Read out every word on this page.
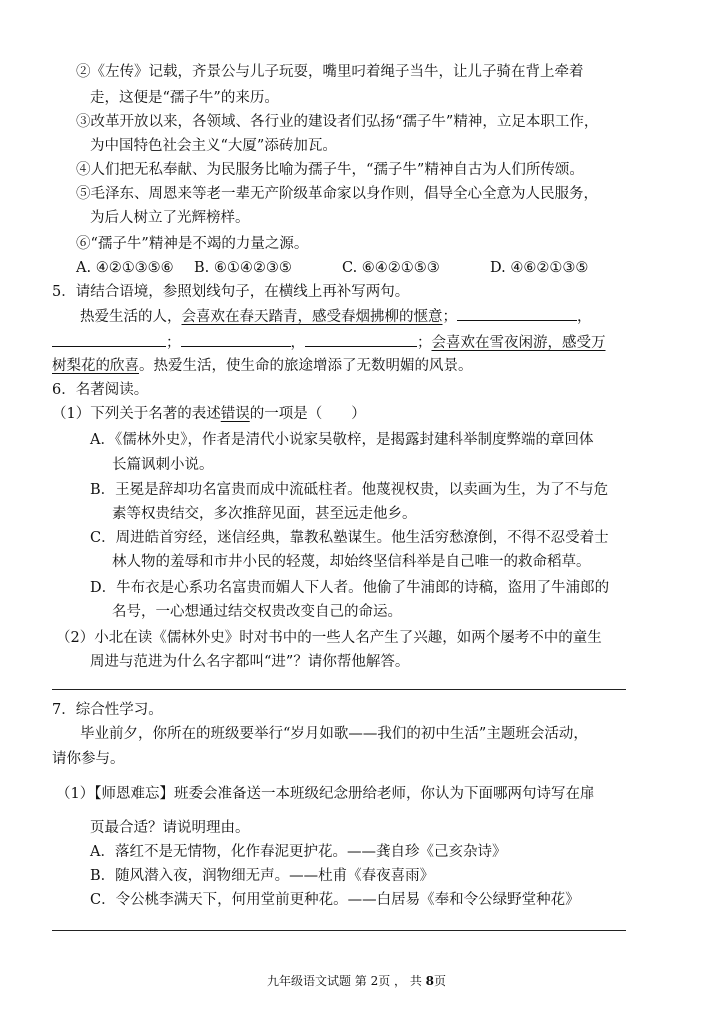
②《左传》记载，齐景公与儿子玩耍，嘴里叼着绳子当牛，让儿子骑在背上牵着
走，这便是“孺子牛”的来历。
③改革开放以来，各领域、各行业的建设者们弘扬“孺子牛”精神，立足本职工作，
为中国特色社会主义“大厦”添砖加瓦。
④人们把无私奉献、为民服务比喻为孺子牛，“孺子牛”精神自古为人们所传颂。
⑤毛泽东、周恩来等老一辈无产阶级革命家以身作则，倡导全心全意为人民服务，
为后人树立了光辉榜样。
⑥“孺子牛”精神是不竭的力量之源。
A. ④②①③⑤⑥ B. ⑥①④②③⑤	C. ⑥④②①⑤③	D. ④⑥②①③⑤
5．请结合语境，参照划线句子，在横线上再补写两句。
热爱生活的人，会喜欢在春天踏青，感受春烟拂柳的惬意；	，
；	，	；会喜欢在雪夜闲游，感受万
树梨花的欣喜。热爱生活，使生命的旅途增添了无数明媚的风景。
6．名著阅读。
（1）下列关于名著的表述错误的一项是（　　）
A．《儒林外史》，作者是清代小说家吴敬梓，是揭露封建科举制度弊端的章回体
长篇讽刺小说。
B．王冕是辞却功名富贵而成中流砥柱者。他蔑视权贵，以卖画为生，为了不与危
素等权贵结交，多次推辞见面，甚至远走他乡。
C．周进皓首穷经，迷信经典，靠教私塾谋生。他生活穷愁潦倒，不得不忍受着士
林人物的羞辱和市井小民的轻蔑，却始终坚信科举是自己唯一的救命稻草。
D．牛布衣是心系功名富贵而媚人下人者。他偷了牛浦郎的诗稿，盗用了牛浦郎的
名号，一心想通过结交权贵改变自己的命运。
（2）小北在读《儒林外史》时对书中的一些人名产生了兴趣，如两个屡考不中的童生
周进与范进为什么名字都叫“进”？请你帮他解答。
7．综合性学习。
毕业前夕，你所在的班级要举行“岁月如歌——我们的初中生活”主题班会活动，
请你参与。
（1）【师恩难忘】班委会准备送一本班级纪念册给老师，你认为下面哪两句诗写在扉
页最合适？请说明理由。
A．落红不是无情物，化作春泥更护花。——龚自珍《己亥杂诗》
B．随风潜入夜，润物细无声。——杜甫《春夜喜雨》
C．令公桃李满天下，何用堂前更种花。——白居易《奉和令公绿野堂种花》
九年级语文试题 第 2页 ， 共 8页
